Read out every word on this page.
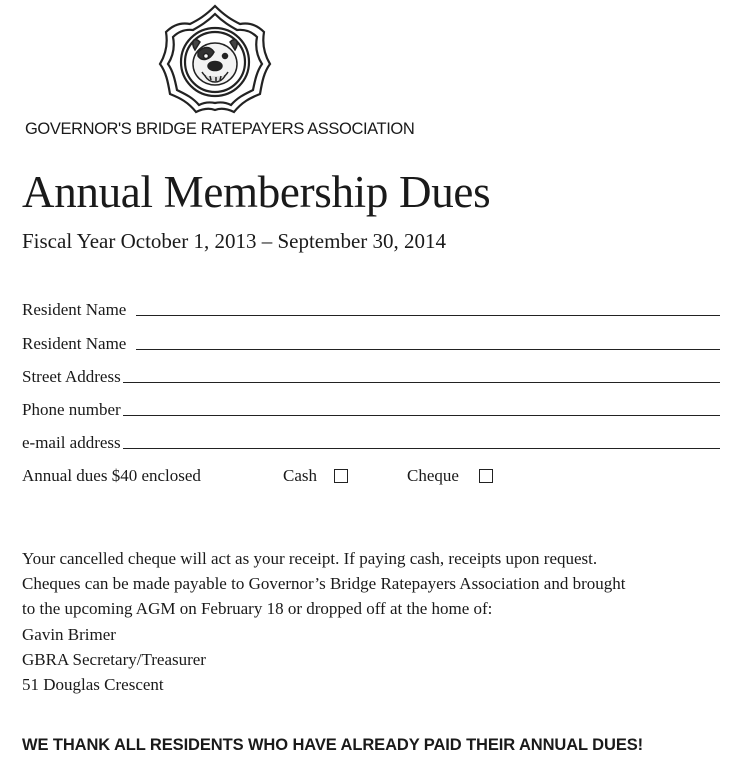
GOVERNOR'S BRIDGE RATEPAYERS ASSOCIATION
Annual Membership Dues
Fiscal Year October 1, 2013 – September 30, 2014
Resident Name
Resident Name
Street Address
Phone number
e-mail address
Annual dues $40 enclosed	Cash	Cheque
Your cancelled cheque will act as your receipt. If paying cash, receipts upon request.
Cheques can be made payable to Governor’s Bridge Ratepayers Association and brought
to the upcoming AGM on February 18 or dropped off at the home of:
Gavin Brimer
GBRA Secretary/Treasurer
51 Douglas Crescent
WE THANK ALL RESIDENTS WHO HAVE ALREADY PAID THEIR ANNUAL DUES!
